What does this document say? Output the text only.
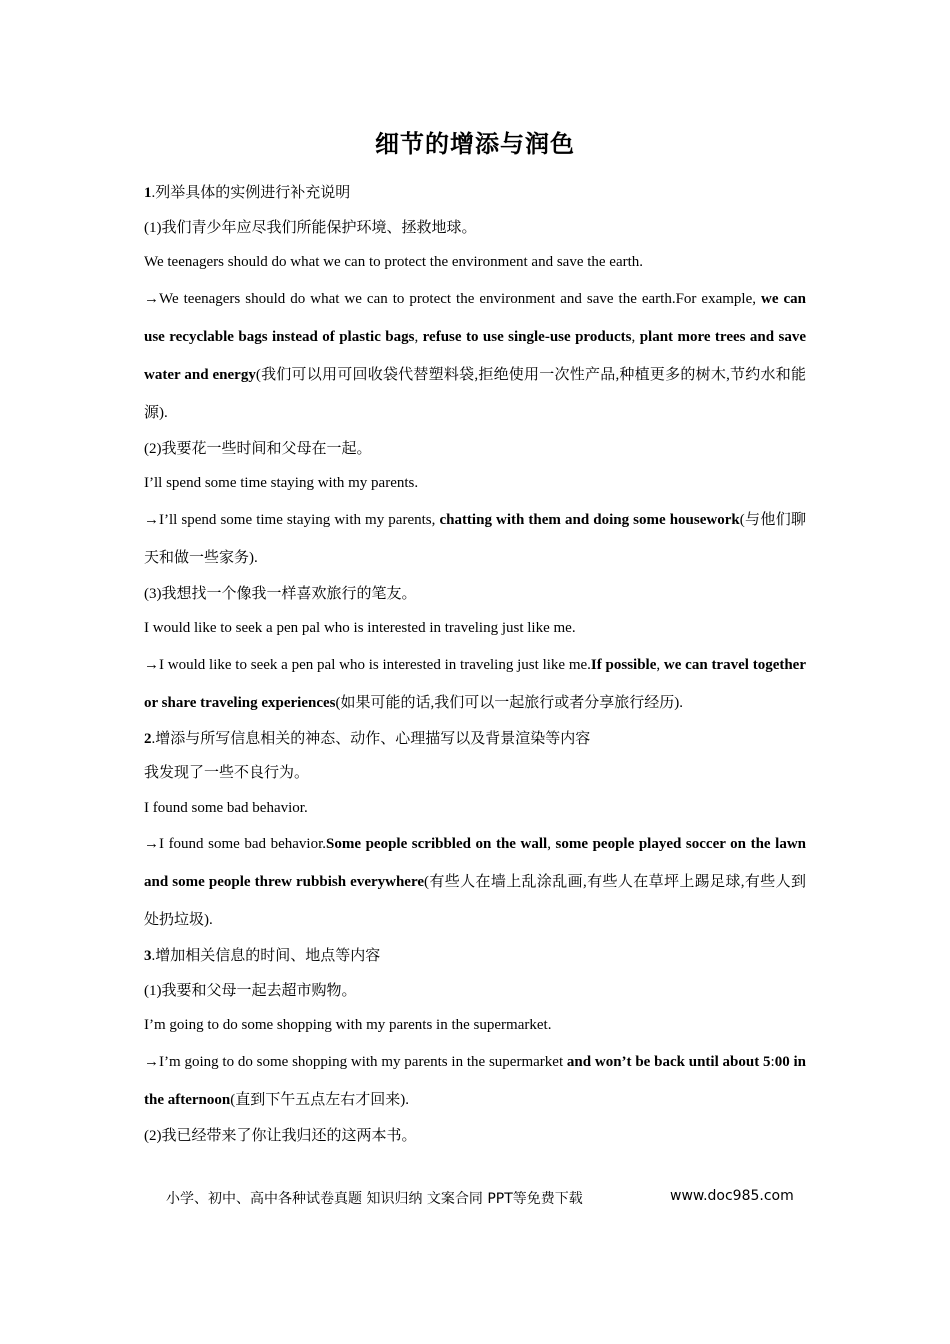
细节的增添与润色
1.列举具体的实例进行补充说明
(1)我们青少年应尽我们所能保护环境、拯救地球。
We teenagers should do what we can to protect the environment and save the earth.
→We teenagers should do what we can to protect the environment and save the earth.For example, we can use recyclable bags instead of plastic bags, refuse to use single-use products, plant more trees and save water and energy(我们可以用可回收袋代替塑料袋,拒绝使用一次性产品,种植更多的树木,节约水和能源).
(2)我要花一些时间和父母在一起。
I’ll spend some time staying with my parents.
→I’ll spend some time staying with my parents, chatting with them and doing some housework(与他们聊天和做一些家务).
(3)我想找一个像我一样喜欢旅行的笔友。
I would like to seek a pen pal who is interested in traveling just like me.
→I would like to seek a pen pal who is interested in traveling just like me.If possible, we can travel together or share traveling experiences(如果可能的话,我们可以一起旅行或者分享旅行经历).
2.增添与所写信息相关的神态、动作、心理描写以及背景渲染等内容
我发现了一些不良行为。
I found some bad behavior.
→I found some bad behavior.Some people scribbled on the wall, some people played soccer on the lawn and some people threw rubbish everywhere(有些人在墙上乱涂乱画,有些人在草坪上踢足球,有些人到处扔垃圾).
3.增加相关信息的时间、地点等内容
(1)我要和父母一起去超市购物。
I’m going to do some shopping with my parents in the supermarket.
→I’m going to do some shopping with my parents in the supermarket and won’t be back until about 5:00 in the afternoon(直到下午五点左右才回来).
(2)我已经带来了你让我归还的这两本书。
小学、初中、高中各种试卷真题 知识归纳 文案合同 PPT等免费下载	www.doc985.com
